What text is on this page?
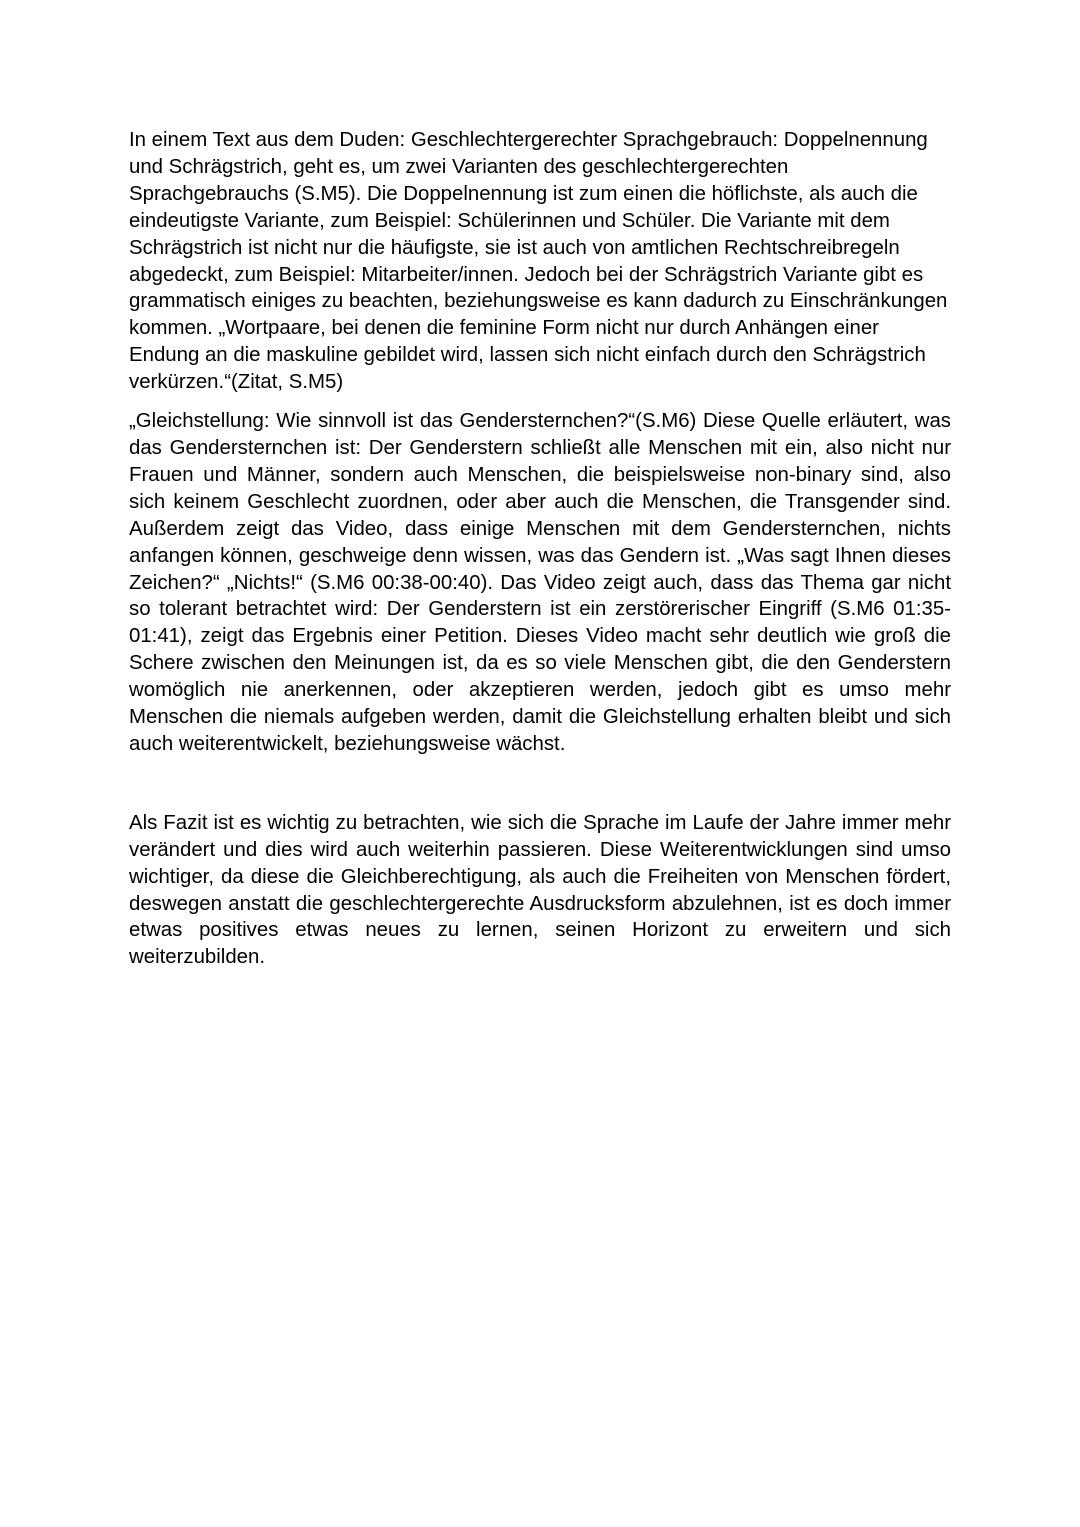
In einem Text aus dem Duden: Geschlechtergerechter Sprachgebrauch: Doppelnennung und Schrägstrich, geht es, um zwei Varianten des geschlechtergerechten Sprachgebrauchs (S.M5). Die Doppelnennung ist zum einen die höflichste, als auch die eindeutigste Variante, zum Beispiel: Schülerinnen und Schüler. Die Variante mit dem Schrägstrich ist nicht nur die häufigste, sie ist auch von amtlichen Rechtschreibregeln abgedeckt, zum Beispiel: Mitarbeiter/innen. Jedoch bei der Schrägstrich Variante gibt es grammatisch einiges zu beachten, beziehungsweise es kann dadurch zu Einschränkungen kommen. „Wortpaare, bei denen die feminine Form nicht nur durch Anhängen einer Endung an die maskuline gebildet wird, lassen sich nicht einfach durch den Schrägstrich verkürzen.“(Zitat, S.M5)

„Gleichstellung: Wie sinnvoll ist das Gendersternchen?“(S.M6) Diese Quelle erläutert, was das Gendersternchen ist: Der Genderstern schließt alle Menschen mit ein, also nicht nur Frauen und Männer, sondern auch Menschen, die beispielsweise non-binary sind, also sich keinem Geschlecht zuordnen, oder aber auch die Menschen, die Transgender sind. Außerdem zeigt das Video, dass einige Menschen mit dem Gendersternchen, nichts anfangen können, geschweige denn wissen, was das Gendern ist. „Was sagt Ihnen dieses Zeichen?“ „Nichts!“ (S.M6 00:38-00:40). Das Video zeigt auch, dass das Thema gar nicht so tolerant betrachtet wird: Der Genderstern ist ein zerstörerischer Eingriff (S.M6 01:35-01:41), zeigt das Ergebnis einer Petition. Dieses Video macht sehr deutlich wie groß die Schere zwischen den Meinungen ist, da es so viele Menschen gibt, die den Genderstern womöglich nie anerkennen, oder akzeptieren werden, jedoch gibt es umso mehr Menschen die niemals aufgeben werden, damit die Gleichstellung erhalten bleibt und sich auch weiterentwickelt, beziehungsweise wächst.

Als Fazit ist es wichtig zu betrachten, wie sich die Sprache im Laufe der Jahre immer mehr verändert und dies wird auch weiterhin passieren. Diese Weiterentwicklungen sind umso wichtiger, da diese die Gleichberechtigung, als auch die Freiheiten von Menschen fördert, deswegen anstatt die geschlechtergerechte Ausdrucksform abzulehnen, ist es doch immer etwas positives etwas neues zu lernen, seinen Horizont zu erweitern und sich weiterzubilden.
